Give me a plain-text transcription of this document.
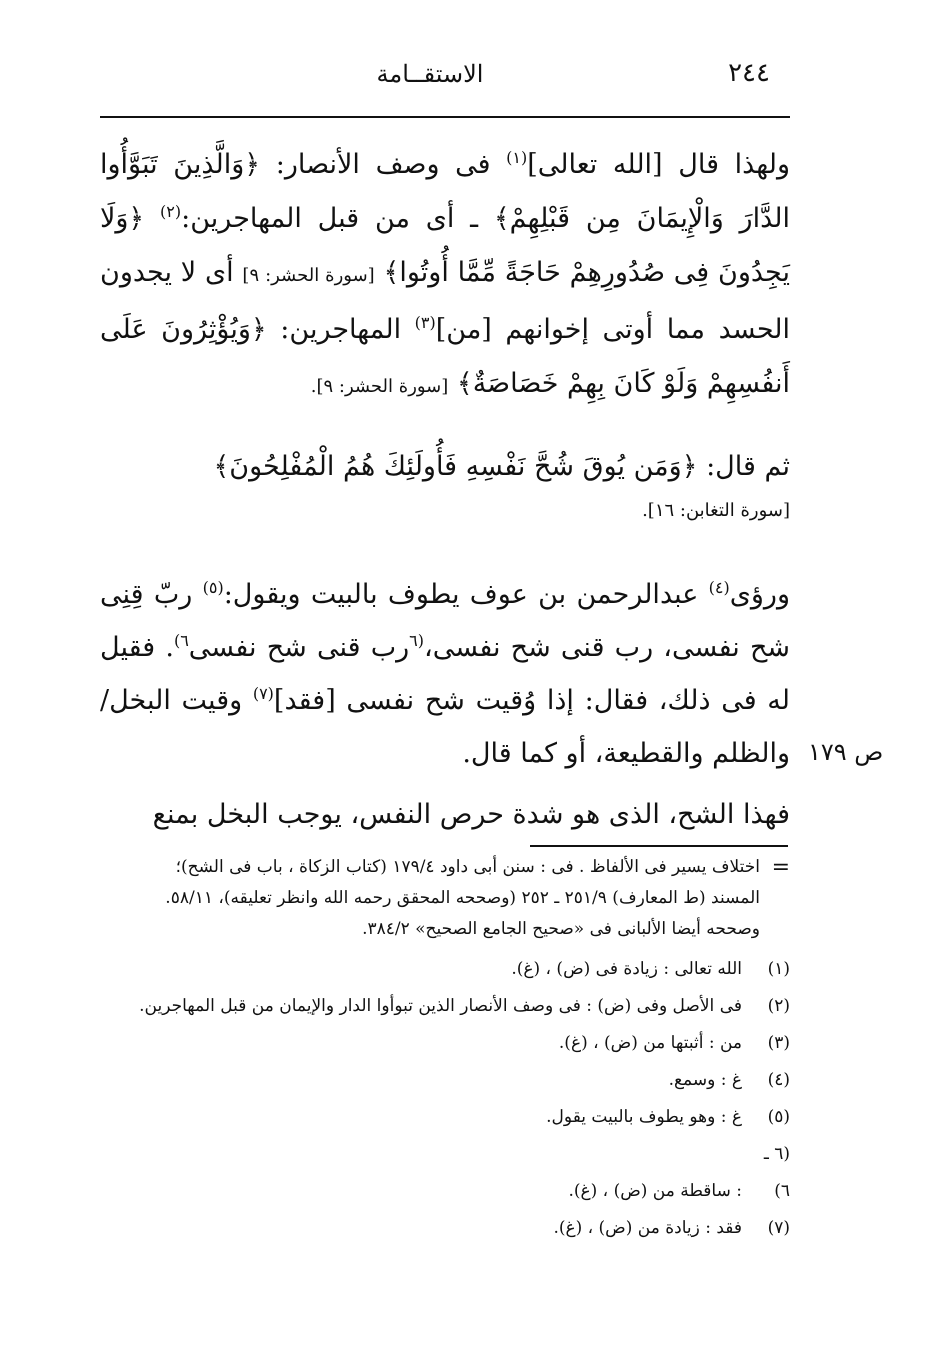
٢٤٤
الاستقــامة

ولهذا قال [الله تعالى]$^{(١)}$ فى وصف الأنصار: ﴿وَالَّذِينَ تَبَوَّأُوا الدَّارَ وَالْإِيمَانَ مِن قَبْلِهِمْ﴾ ـ أى من قبل المهاجرين:$^{(٢)}$ ﴿وَلَا يَجِدُونَ فِى صُدُورِهِمْ حَاجَةً مِّمَّا أُوتُوا﴾ [سورة الحشر: ٩] أى لا يجدون الحسد مما أوتى إخوانهم [من]$^{(٣)}$ المهاجرين: ﴿وَيُؤْثِرُونَ عَلَى أَنفُسِهِمْ وَلَوْ كَانَ بِهِمْ خَصَاصَةٌ﴾ [سورة الحشر: ٩].

ثم قال: ﴿وَمَن يُوقَ شُحَّ نَفْسِهِ فَأُولَئِكَ هُمُ الْمُفْلِحُونَ﴾

[سورة التغابن: ١٦].

ورؤى$^{(٤)}$ عبدالرحمن بن عوف يطوف بالبيت ويقول:$^{(٥)}$ ربّ قِنِى شح نفسى، رب قنى شح نفسى،$^{(٦}$رب قنى شح نفسى$^{٦)}$. فقيل له فى ذلك، فقال: إذا وُقيت شح نفسى [فقد]$^{(٧)}$ وقيت البخل/ والظلم والقطيعة، أو كما قال.

فهذا الشح، الذى هو شدة حرص النفس، يوجب البخل بمنع

ص ١٧٩

=
اختلاف يسير فى الألفاظ . فى : سنن أبى داود ١٧٩/٤ (كتاب الزكاة ، باب فى الشح)؛
المسند (ط المعارف) ٢٥١/٩ ـ ٢٥٢ (وصححه المحقق رحمه الله وانظر تعليقه)، ٥٨/١١.
وصححه أيضا الألبانى فى «صحيح الجامع الصحيح» ٣٨٤/٢.

(١)الله تعالى : زيادة فى (ض) ، (غ).
(٢)فى الأصل وفى (ض) : فى وصف الأنصار الذين تبوأوا الدار والإيمان من قبل المهاجرين.
(٣)من : أثبتها من (ض) ، (غ).
(٤)غ : وسمع.
(٥)غ : وهو يطوف بالبيت يقول.
(٦ ـ ٦): ساقطة من (ض) ، (غ).
(٧)فقد : زيادة من (ض) ، (غ).
